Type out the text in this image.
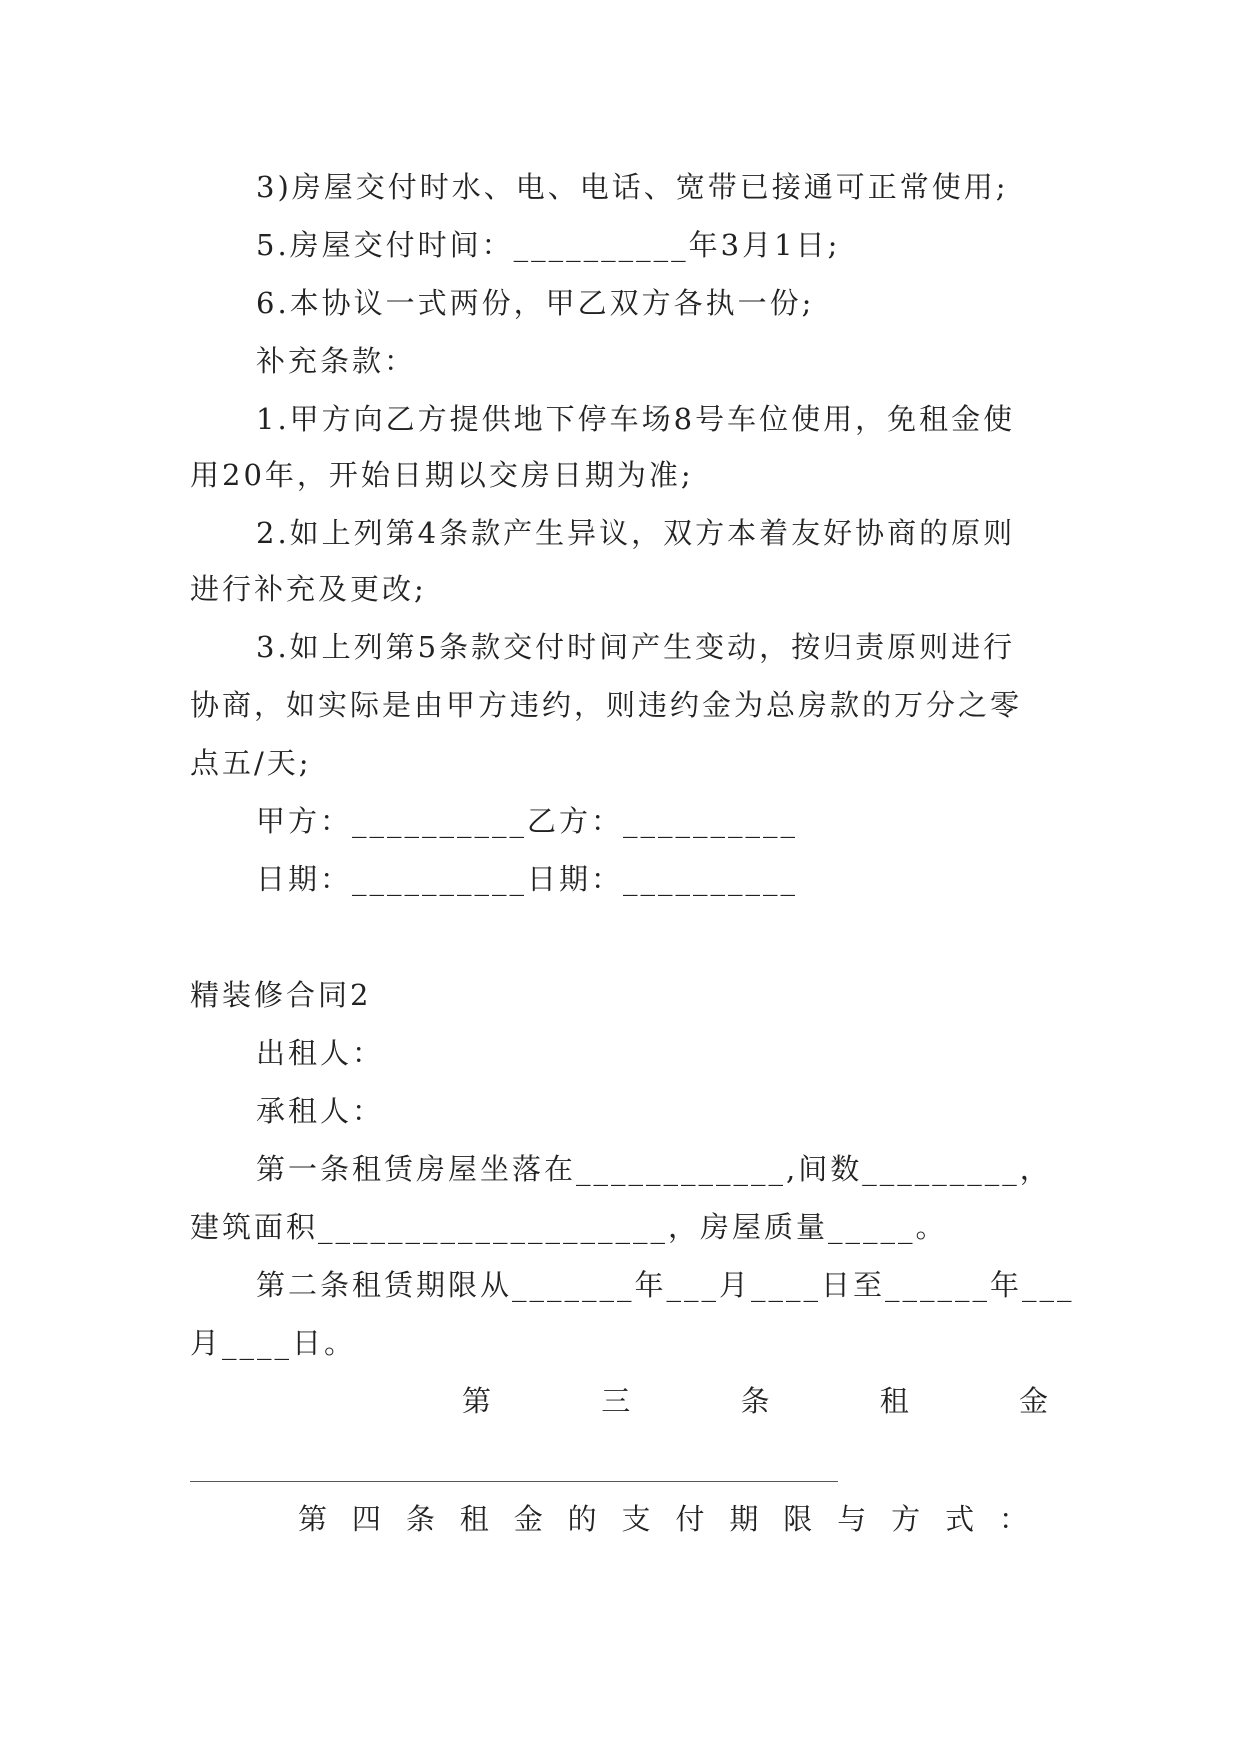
3)房屋交付时水、电、电话、宽带已接通可正常使用;
5.房屋交付时间：__________年3月1日;
6.本协议一式两份，甲乙双方各执一份;
补充条款：
1.甲方向乙方提供地下停车场8号车位使用，免租金使
用20年，开始日期以交房日期为准;
2.如上列第4条款产生异议，双方本着友好协商的原则
进行补充及更改;
3.如上列第5条款交付时间产生变动，按归责原则进行
协商，如实际是由甲方违约，则违约金为总房款的万分之零
点五/天;
甲方：__________乙方：__________
日期：__________日期：__________
精装修合同2
出租人：
承租人：
第一条租赁房屋坐落在____________,间数_________，
建筑面积____________________，房屋质量_____。
第二条租赁期限从_______年___月____日至______年___
月____日。
第	三	条	租	金
第 四 条 租 金 的 支 付 期 限 与 方 式 ：
